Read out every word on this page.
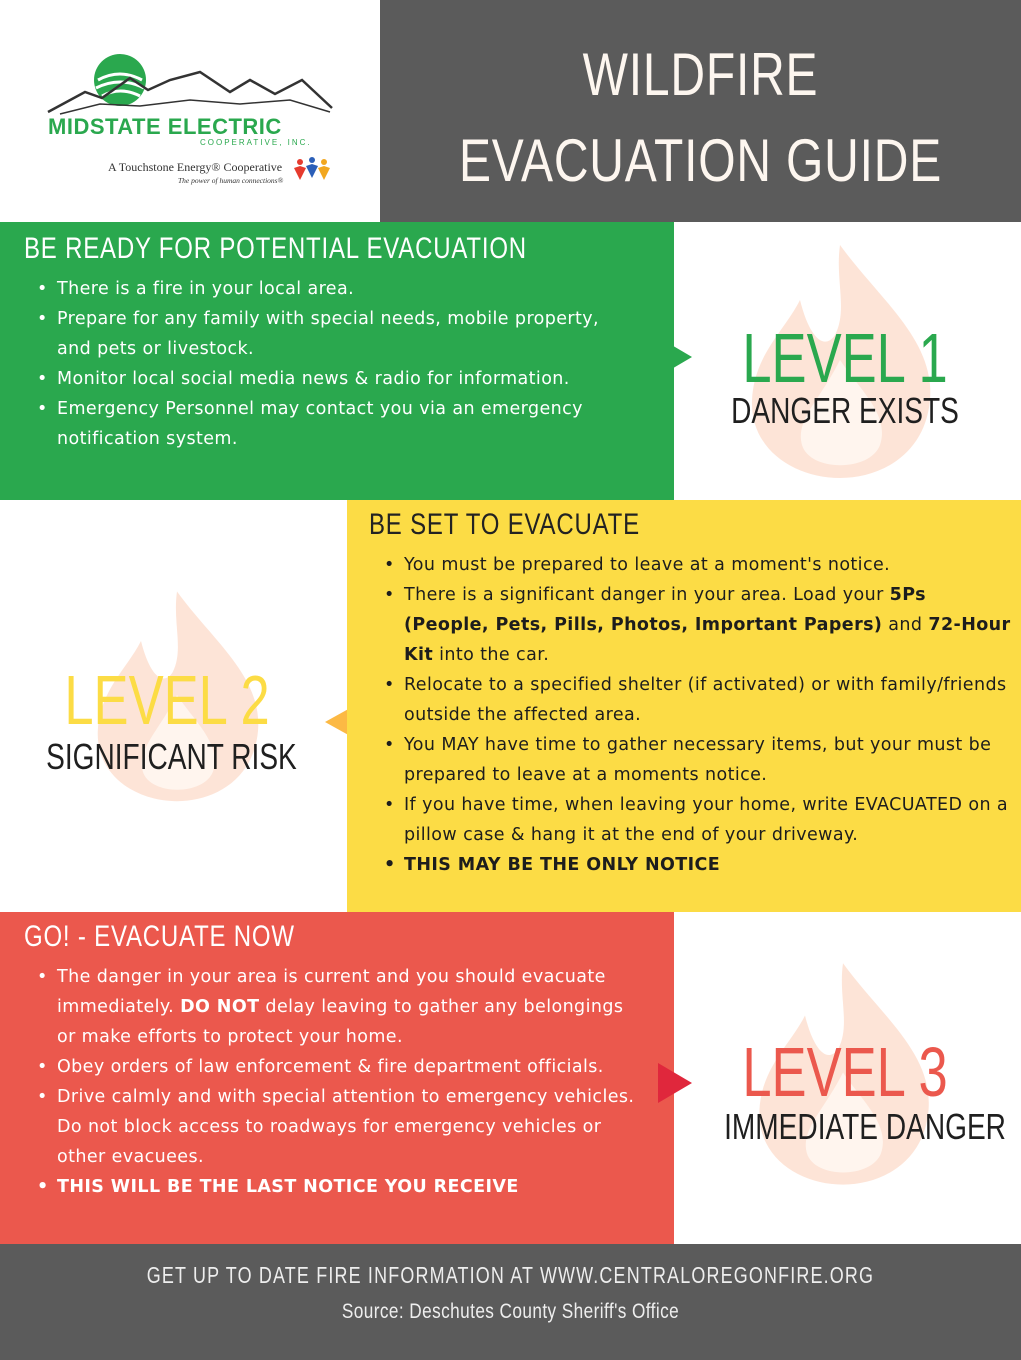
MIDSTATE ELECTRIC
COOPERATIVE, INC.
A Touchstone Energy® Cooperative
The power of human connections®
WILDFIRE
EVACUATION GUIDE
BE READY FOR POTENTIAL EVACUATION
• There is a fire in your local area.
• Prepare for any family with special needs, mobile property, and pets or livestock.
• Monitor local social media news & radio for information.
• Emergency Personnel may contact you via an emergency notification system.
LEVEL 1
DANGER EXISTS
LEVEL 2
SIGNIFICANT RISK
BE SET TO EVACUATE
• You must be prepared to leave at a moment's notice.
• There is a significant danger in your area. Load your 5Ps (People, Pets, Pills, Photos, Important Papers) and 72-Hour Kit into the car.
• Relocate to a specified shelter (if activated) or with family/friends outside the affected area.
• You MAY have time to gather necessary items, but your must be prepared to leave at a moments notice.
• If you have time, when leaving your home, write EVACUATED on a pillow case & hang it at the end of your driveway.
• THIS MAY BE THE ONLY NOTICE
GO! - EVACUATE NOW
• The danger in your area is current and you should evacuate immediately. DO NOT delay leaving to gather any belongings or make efforts to protect your home.
• Obey orders of law enforcement & fire department officials.
• Drive calmly and with special attention to emergency vehicles. Do not block access to roadways for emergency vehicles or other evacuees.
• THIS WILL BE THE LAST NOTICE YOU RECEIVE
LEVEL 3
IMMEDIATE DANGER
GET UP TO DATE FIRE INFORMATION AT WWW.CENTRALOREGONFIRE.ORG
Source: Deschutes County Sheriff's Office
